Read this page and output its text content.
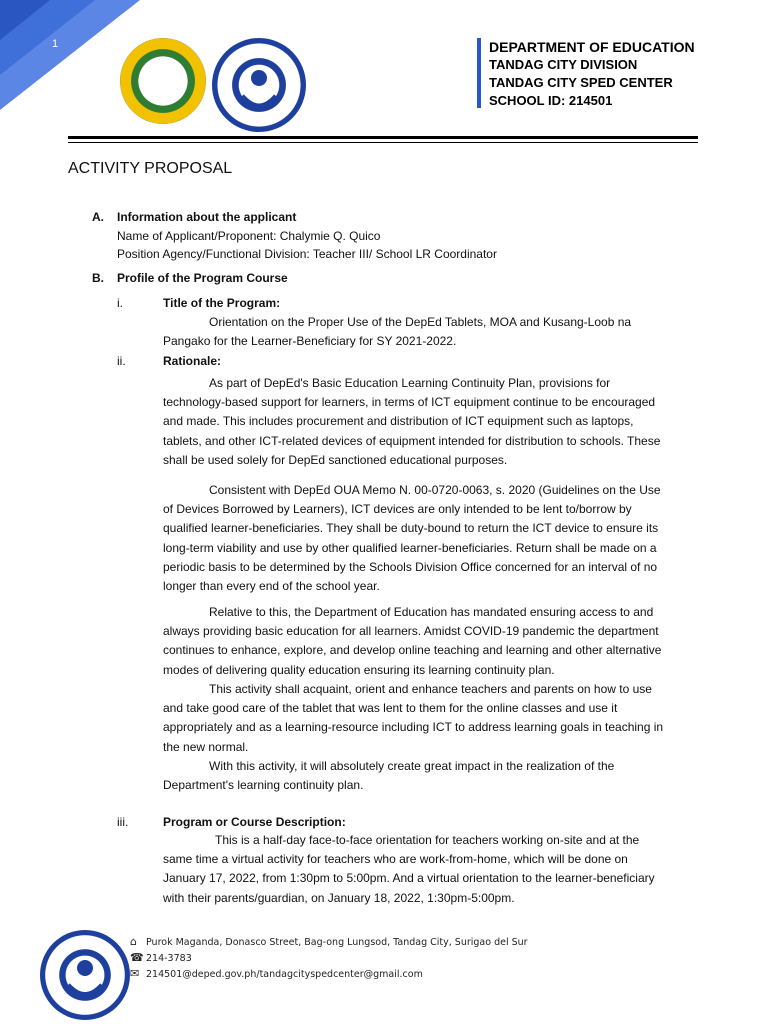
1	DEPARTMENT OF EDUCATION
TANDAG CITY DIVISION
TANDAG CITY SPED CENTER
SCHOOL ID: 214501
ACTIVITY PROPOSAL
A. Information about the applicant
Name of Applicant/Proponent: Chalymie Q. Quico
Position Agency/Functional Division: Teacher III/ School LR Coordinator
B. Profile of the Program Course
i.	Title of the Program:
Orientation on the Proper Use of the DepEd Tablets, MOA and Kusang-Loob na
Pangako for the Learner-Beneficiary for SY 2021-2022.
ii.	Rationale:
As part of DepEd's Basic Education Learning Continuity Plan, provisions for
technology-based support for learners, in terms of ICT equipment continue to be encouraged
and made. This includes procurement and distribution of ICT equipment such as laptops,
tablets, and other ICT-related devices of equipment intended for distribution to schools. These
shall be used solely for DepEd sanctioned educational purposes.
Consistent with DepEd OUA Memo N. 00-0720-0063, s. 2020 (Guidelines on the Use
of Devices Borrowed by Learners), ICT devices are only intended to be lent to/borrow by
qualified learner-beneficiaries. They shall be duty-bound to return the ICT device to ensure its
long-term viability and use by other qualified learner-beneficiaries. Return shall be made on a
periodic basis to be determined by the Schools Division Office concerned for an interval of no
longer than every end of the school year.
Relative to this, the Department of Education has mandated ensuring access to and
always providing basic education for all learners. Amidst COVID-19 pandemic the department
continues to enhance, explore, and develop online teaching and learning and other alternative
modes of delivering quality education ensuring its learning continuity plan.
This activity shall acquaint, orient and enhance teachers and parents on how to use
and take good care of the tablet that was lent to them for the online classes and use it
appropriately and as a learning-resource including ICT to address learning goals in teaching in
the new normal.
With this activity, it will absolutely create great impact in the realization of the
Department's learning continuity plan.
iii.	Program or Course Description:
This is a half-day face-to-face orientation for teachers working on-site and at the
same time a virtual activity for teachers who are work-from-home, which will be done on
January 17, 2022, from 1:30pm to 5:00pm. And a virtual orientation to the learner-beneficiary
with their parents/guardian, on January 18, 2022, 1:30pm-5:00pm.
⌂ Purok Maganda, Donasco Street, Bag-ong Lungsod, Tandag City, Surigao del Sur
☎ 214-3783
✉ 214501@deped.gov.ph/tandagcityspedcenter@gmail.com
